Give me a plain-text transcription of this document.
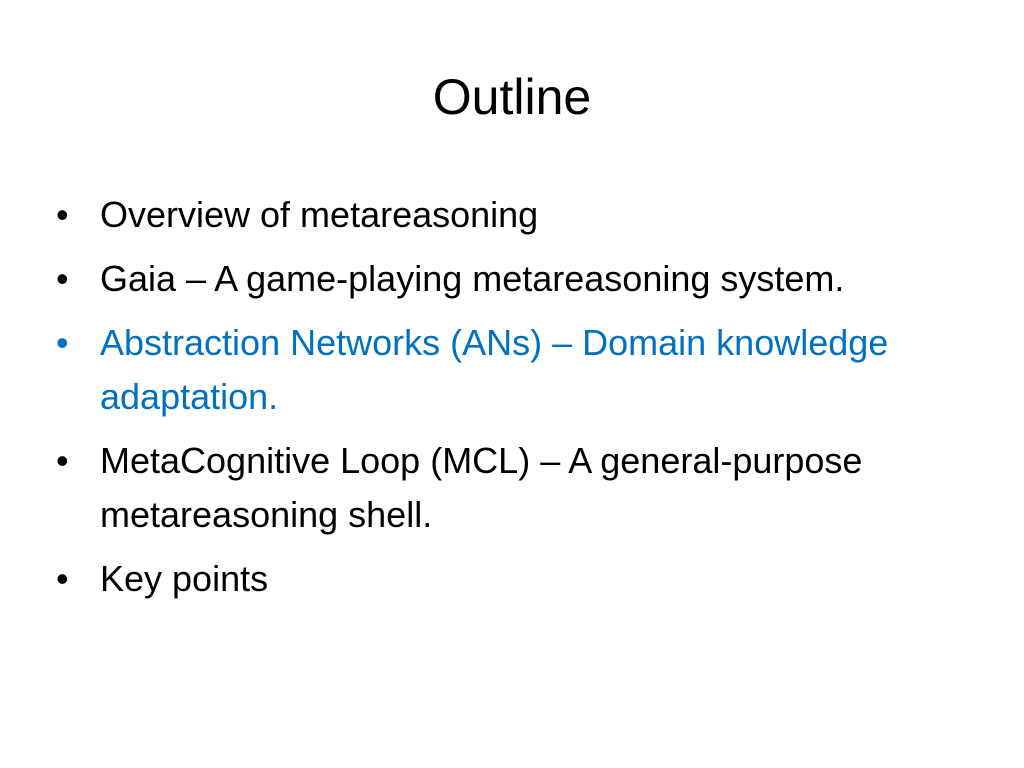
Outline
• Overview of metareasoning
• Gaia – A game-playing metareasoning system.
• Abstraction Networks (ANs) – Domain knowledge adaptation.
• MetaCognitive Loop (MCL) – A general-purpose metareasoning shell.
• Key points
